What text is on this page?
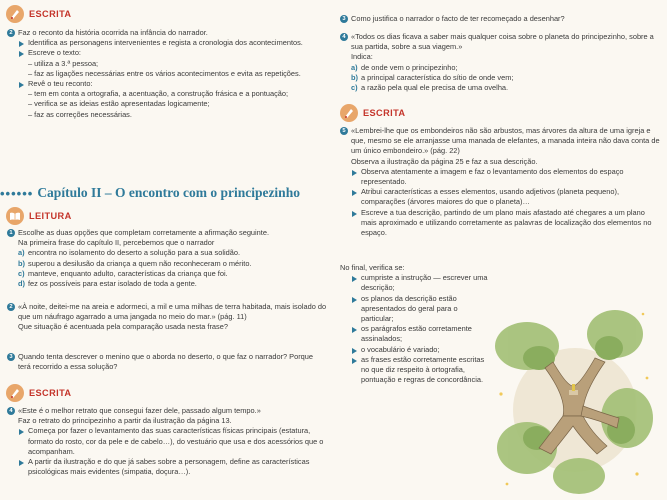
ESCRITA
2 Faz o reconto da história ocorrida na infância do narrador.
Identifica as personagens intervenientes e regista a cronologia dos acontecimentos.
Escreve o texto:
– utiliza a 3.ª pessoa;
– faz as ligações necessárias entre os vários acontecimentos e evita as repetições.
Revê o teu reconto:
– tem em conta a ortografia, a acentuação, a construção frásica e a pontuação;
– verifica se as ideias estão apresentadas logicamente;
– faz as correções necessárias.
•••••• Capítulo II – O encontro com o principezinho
LEITURA
1 Escolhe as duas opções que completam corretamente a afirmação seguinte.
Na primeira frase do capítulo II, percebemos que o narrador
a) encontra no isolamento do deserto a solução para a sua solidão.
b) superou a desilusão da criança a quem não reconheceram o mérito.
c) manteve, enquanto adulto, características da criança que foi.
d) fez os possíveis para estar isolado de toda a gente.
2 «À noite, deitei-me na areia e adormeci, a mil e uma milhas de terra habitada, mais isolado do que um náufrago agarrado a uma jangada no meio do mar.» (pág. 11)
Que situação é acentuada pela comparação usada nesta frase?
3 Quando tenta descrever o menino que o aborda no deserto, o que faz o narrador? Porque terá recorrido a essa solução?
ESCRITA
4 «Este é o melhor retrato que consegui fazer dele, passado algum tempo.»
Faz o retrato do principezinho a partir da ilustração da página 13.
Começa por fazer o levantamento das suas características físicas principais (estatura, formato do rosto, cor da pele e de cabelo…), do vestuário que usa e dos acessórios que o acompanham.
A partir da ilustração e do que já sabes sobre a personagem, define as características psicológicas mais evidentes (simpatia, doçura…).
3 Como justifica o narrador o facto de ter recomeçado a desenhar?
4 «Todos os dias ficava a saber mais qualquer coisa sobre o planeta do principezinho, sobre a sua partida, sobre a sua viagem.»
Indica:
a) de onde vem o principezinho;
b) a principal característica do sítio de onde vem;
c) a razão pela qual ele precisa de uma ovelha.
ESCRITA
5 «Lembrei-lhe que os embondeiros não são arbustos, mas árvores da altura de uma igreja e que, mesmo se ele arranjasse uma manada de elefantes, a manada inteira não dava conta de um único embondeiro.» (pág. 22)
Observa a ilustração da página 25 e faz a sua descrição.
Observa atentamente a imagem e faz o levantamento dos elementos do espaço representado.
Atribui características a esses elementos, usando adjetivos (planeta pequeno), comparações (árvores maiores do que o planeta)…
Escreve a tua descrição, partindo de um plano mais afastado até chegares a um plano mais aproximado e utilizando corretamente as palavras de localização dos elementos no espaço.
No final, verifica se:
cumpriste a instrução — escrever uma descrição;
os planos da descrição estão apresentados do geral para o particular;
os parágrafos estão corretamente assinalados;
o vocabulário é variado;
as frases estão corretamente escritas no que diz respeito à ortografia, pontuação e regras de concordância.
